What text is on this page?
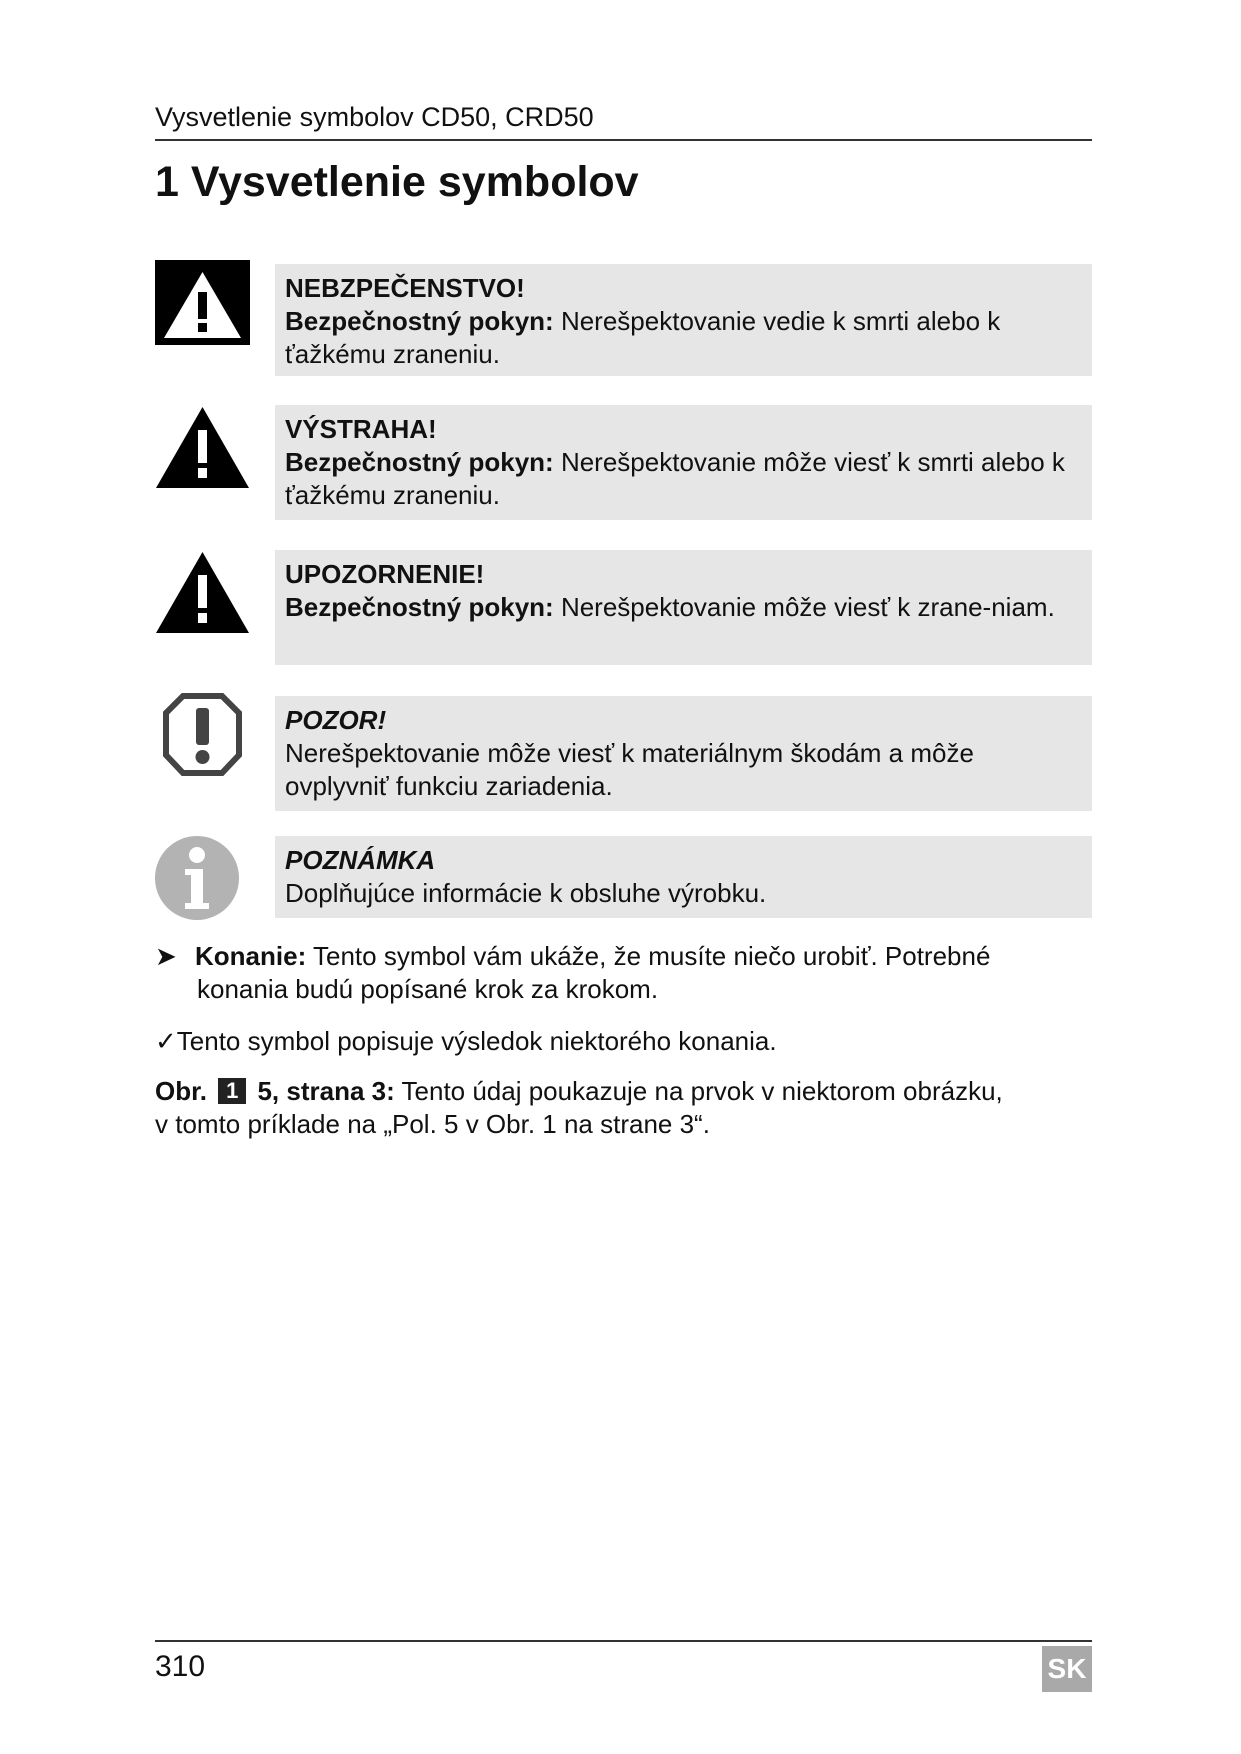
Vysvetlenie symbolov CD50, CRD50
1 Vysvetlenie symbolov
NEBZPEČENSTVO!
Bezpečnostný pokyn: Nerešpektovanie vedie k smrti alebo k ťažkému zraneniu.
VÝSTRAHA!
Bezpečnostný pokyn: Nerešpektovanie môže viesť k smrti alebo k ťažkému zraneniu.
UPOZORNENIE!
Bezpečnostný pokyn: Nerešpektovanie môže viesť k zrane-niam.
POZOR!
Nerešpektovanie môže viesť k materiálnym škodám a môže ovplyvniť funkciu zariadenia.
POZNÁMKA
Doplňujúce informácie k obsluhe výrobku.
➤ Konanie: Tento symbol vám ukáže, že musíte niečo urobiť. Potrebné
konania budú popísané krok za krokom.
✓Tento symbol popisuje výsledok niektorého konania.
Obr. 1 5, strana 3: Tento údaj poukazuje na prvok v niektorom obrázku,
v tomto príklade na „Pol. 5 v Obr. 1 na strane 3“.
310	SK
